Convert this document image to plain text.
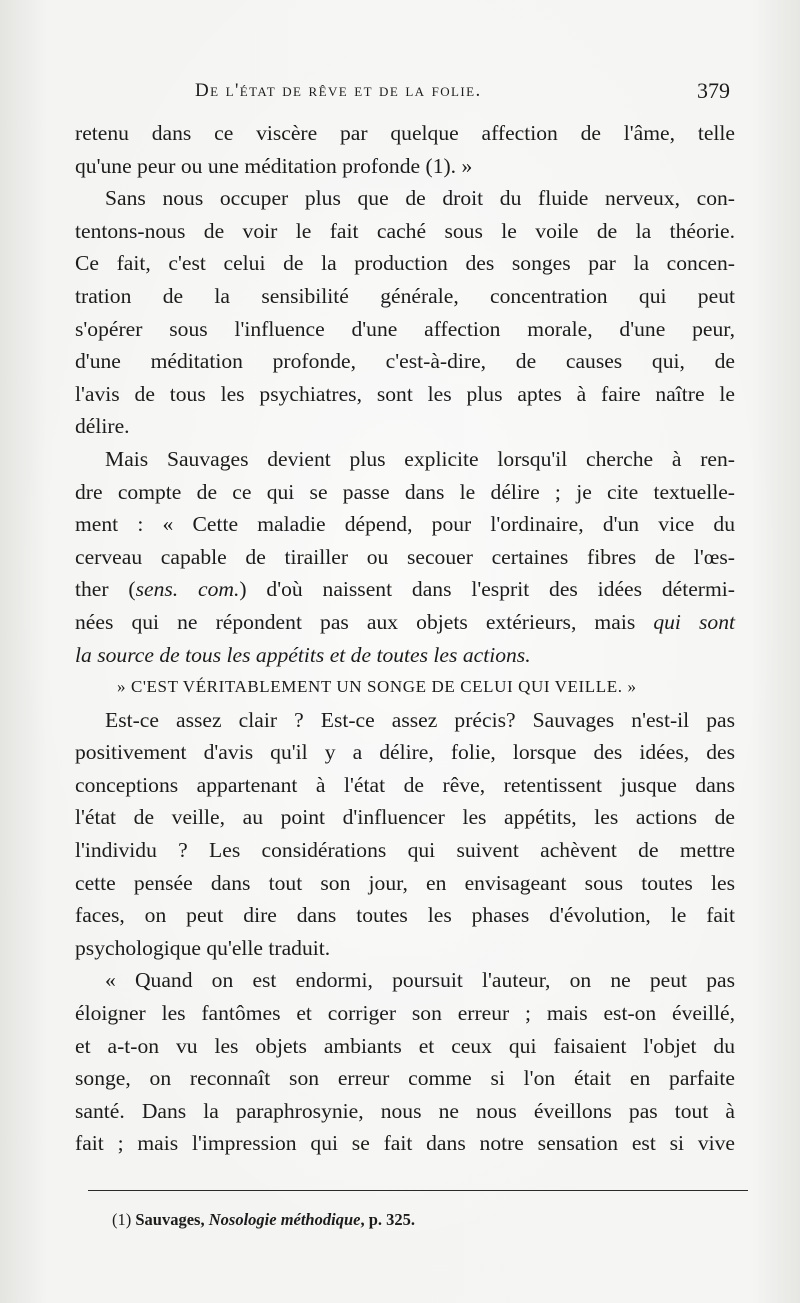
De l'état de rêve et de la folie.	379
retenu dans ce viscère par quelque affection de l'âme, telle
qu'une peur ou une méditation profonde (1). »
Sans nous occuper plus que de droit du fluide nerveux, con-
tentons-nous de voir le fait caché sous le voile de la théorie.
Ce fait, c'est celui de la production des songes par la concen-
tration de la sensibilité générale, concentration qui peut
s'opérer sous l'influence d'une affection morale, d'une peur,
d'une méditation profonde, c'est-à-dire, de causes qui, de
l'avis de tous les psychiatres, sont les plus aptes à faire naître le
délire.
Mais Sauvages devient plus explicite lorsqu'il cherche à ren-
dre compte de ce qui se passe dans le délire ; je cite textuelle-
ment : « Cette maladie dépend, pour l'ordinaire, d'un vice du
cerveau capable de tirailler ou secouer certaines fibres de l'œs-
ther (sens. com.) d'où naissent dans l'esprit des idées détermi-
nées qui ne répondent pas aux objets extérieurs, mais qui sont
la source de tous les appétits et de toutes les actions.
» C'EST VÉRITABLEMENT UN SONGE DE CELUI QUI VEILLE. »
Est-ce assez clair ? Est-ce assez précis? Sauvages n'est-il pas
positivement d'avis qu'il y a délire, folie, lorsque des idées, des
conceptions appartenant à l'état de rêve, retentissent jusque dans
l'état de veille, au point d'influencer les appétits, les actions de
l'individu ? Les considérations qui suivent achèvent de mettre
cette pensée dans tout son jour, en envisageant sous toutes les
faces, on peut dire dans toutes les phases d'évolution, le fait
psychologique qu'elle traduit.
« Quand on est endormi, poursuit l'auteur, on ne peut pas
éloigner les fantômes et corriger son erreur ; mais est-on éveillé,
et a-t-on vu les objets ambiants et ceux qui faisaient l'objet du
songe, on reconnaît son erreur comme si l'on était en parfaite
santé. Dans la paraphrosynie, nous ne nous éveillons pas tout à
fait ; mais l'impression qui se fait dans notre sensation est si vive
(1) Sauvages, Nosologie méthodique, p. 325.
